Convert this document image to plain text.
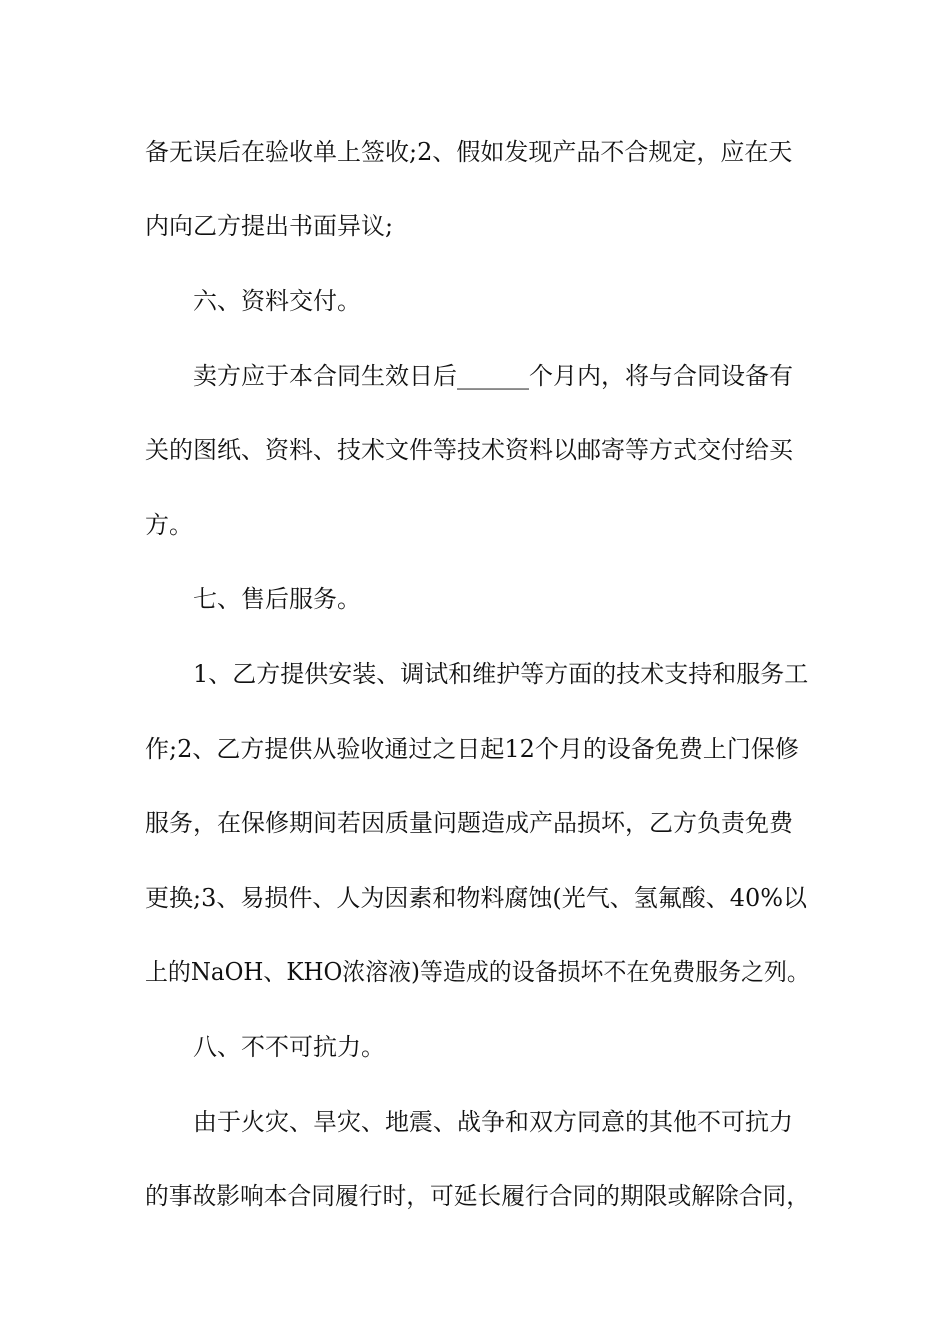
备无误后在验收单上签收;2、假如发现产品不合规定，应在天
内向乙方提出书面异议;
六、资料交付。
卖方应于本合同生效日后______个月内，将与合同设备有
关的图纸、资料、技术文件等技术资料以邮寄等方式交付给买
方。
七、售后服务。
1、乙方提供安装、调试和维护等方面的技术支持和服务工
作;2、乙方提供从验收通过之日起12个月的设备免费上门保修
服务，在保修期间若因质量问题造成产品损坏，乙方负责免费
更换;3、易损件、人为因素和物料腐蚀(光气、氢氟酸、40%以
上的NaOH、KHO浓溶液)等造成的设备损坏不在免费服务之列。
八、不不可抗力。
由于火灾、旱灾、地震、战争和双方同意的其他不可抗力
的事故影响本合同履行时，可延长履行合同的期限或解除合同，
